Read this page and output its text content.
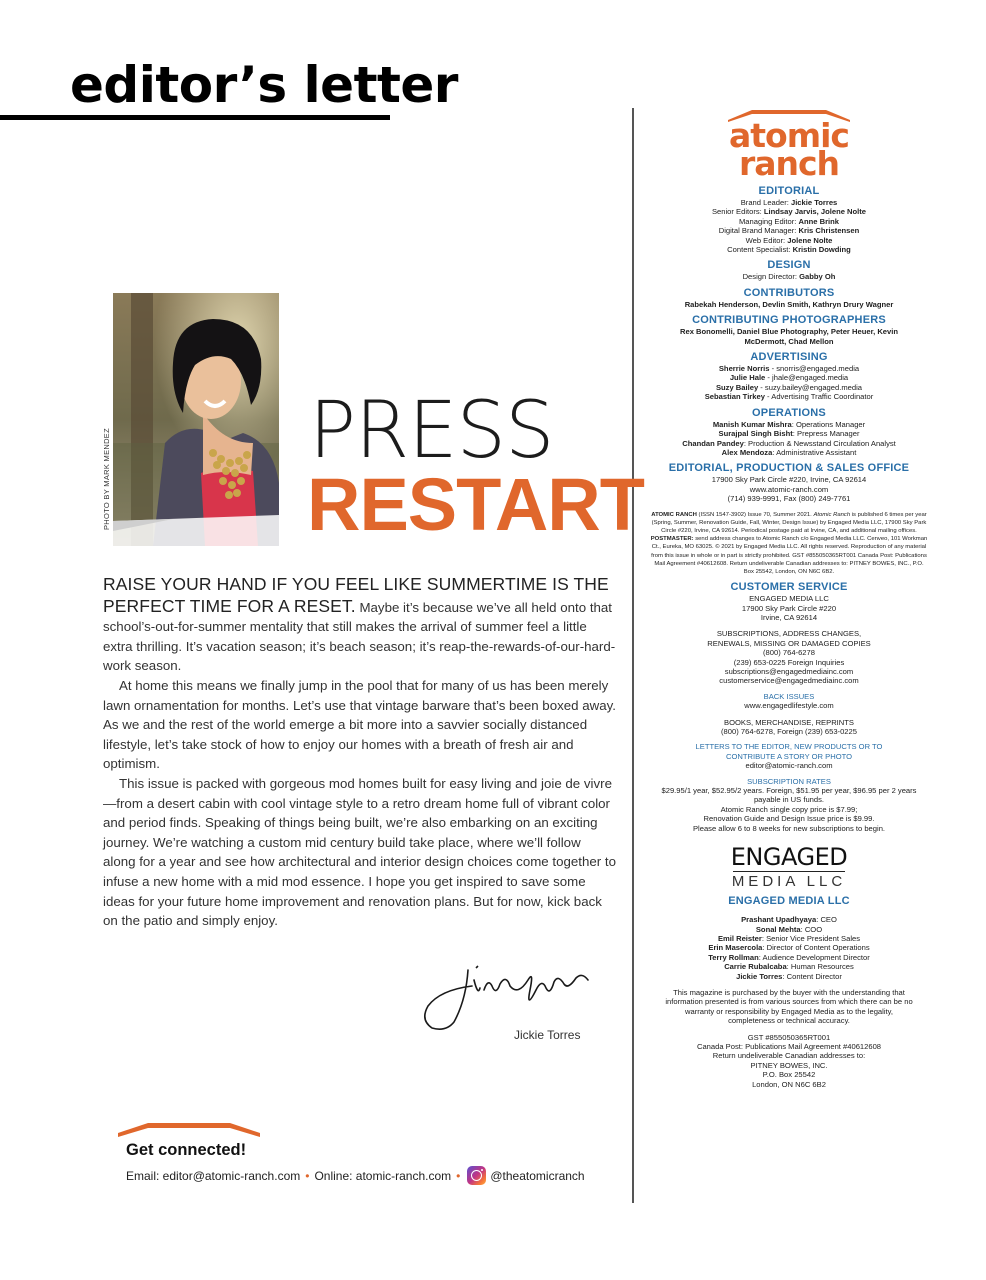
editor’s letter
PHOTO BY MARK MENDEZ	PRESS
RESTART

RAISE YOUR HAND IF YOU FEEL LIKE SUMMERTIME IS THE PERFECT TIME FOR A RESET. Maybe it’s because we’ve all held onto that school’s-out-for-summer mentality that still makes the arrival of summer feel a little extra thrilling. It’s vacation season; it’s beach season; it’s reap-the-rewards-of-our-hard-work season.

At home this means we finally jump in the pool that for many of us has been merely lawn ornamentation for months. Let’s use that vintage barware that’s been boxed away. As we and the rest of the world emerge a bit more into a savvier socially distanced lifestyle, let’s take stock of how to enjoy our homes with a breath of fresh air and optimism.

This issue is packed with gorgeous mod homes built for easy living and joie de vivre—from a desert cabin with cool vintage style to a retro dream home full of vibrant color and period finds. Speaking of things being built, we’re also embarking on an exciting journey. We’re watching a custom mid century build take place, where we’ll follow along for a year and see how architectural and interior design choices come together to infuse a new home with a mid mod essence. I hope you get inspired to save some ideas for your future home improvement and renovation plans. But for now, kick back on the patio and simply enjoy.

Jickie Torres
Get connected!
Email: editor@atomic-ranch.com • Online: atomic-ranch.com •	@theatomicranch
atomic
ranch
EDITORIAL
Brand Leader: Jickie Torres
Senior Editors: Lindsay Jarvis, Jolene Nolte
Managing Editor: Anne Brink
Digital Brand Manager: Kris Christensen
Web Editor: Jolene Nolte
Content Specialist: Kristin Dowding
DESIGN
Design Director: Gabby Oh
CONTRIBUTORS
Rabekah Henderson, Devlin Smith, Kathryn Drury Wagner
CONTRIBUTING PHOTOGRAPHERS
Rex Bonomelli, Daniel Blue Photography, Peter Heuer, Kevin McDermott, Chad Mellon
ADVERTISING
Sherrie Norris - snorris@engaged.media
Julie Hale - jhale@engaged.media
Suzy Bailey - suzy.bailey@engaged.media
Sebastian Tirkey - Advertising Traffic Coordinator
OPERATIONS
Manish Kumar Mishra: Operations Manager
Surajpal Singh Bisht: Prepress Manager
Chandan Pandey: Production & Newsstand Circulation Analyst
Alex Mendoza: Administrative Assistant
EDITORIAL, PRODUCTION & SALES OFFICE
17900 Sky Park Circle #220, Irvine, CA 92614
www.atomic-ranch.com
(714) 939-9991, Fax (800) 249-7761
ATOMIC RANCH (ISSN 1547-3902) Issue 70, Summer 2021. Atomic Ranch is published 6 times per year (Spring, Summer, Renovation Guide, Fall, Winter, Design Issue) by Engaged Media LLC, 17900 Sky Park Circle #220, Irvine, CA 92614. Periodical postage paid at Irvine, CA, and additional mailing offices. POSTMASTER: send address changes to Atomic Ranch c/o Engaged Media LLC. Cenveo, 101 Workman Ct., Eureka, MO 63025. © 2021 by Engaged Media LLC. All rights reserved. Reproduction of any material from this issue in whole or in part is strictly prohibited. GST #855050365RT001 Canada Post: Publications Mail Agreement #40612608. Return undeliverable Canadian addresses to: PITNEY BOWES, INC., P.O. Box 25542, London, ON N6C 6B2.
CUSTOMER SERVICE
ENGAGED MEDIA LLC
17900 Sky Park Circle #220
Irvine, CA 92614
SUBSCRIPTIONS, ADDRESS CHANGES,
RENEWALS, MISSING OR DAMAGED COPIES
(800) 764-6278
(239) 653-0225 Foreign Inquiries
subscriptions@engagedmediainc.com
customerservice@engagedmediainc.com
BACK ISSUES
www.engagedlifestyle.com
BOOKS, MERCHANDISE, REPRINTS
(800) 764-6278, Foreign (239) 653-0225
LETTERS TO THE EDITOR, NEW PRODUCTS OR TO
CONTRIBUTE A STORY OR PHOTO
editor@atomic-ranch.com
SUBSCRIPTION RATES
$29.95/1 year, $52.95/2 years. Foreign, $51.95 per year, $96.95 per 2 years payable in US funds.
Atomic Ranch single copy price is $7.99;
Renovation Guide and Design Issue price is $9.99.
Please allow 6 to 8 weeks for new subscriptions to begin.
ENGAGED
MEDIA LLC
ENGAGED MEDIA LLC
Prashant Upadhyaya: CEO
Sonal Mehta: COO
Emil Reister: Senior Vice President Sales
Erin Masercola: Director of Content Operations
Terry Rollman: Audience Development Director
Carrie Rubalcaba: Human Resources
Jickie Torres: Content Director
This magazine is purchased by the buyer with the understanding that information presented is from various sources from which there can be no warranty or responsibility by Engaged Media as to the legality, completeness or technical accuracy.
GST #855050365RT001
Canada Post: Publications Mail Agreement #40612608
Return undeliverable Canadian addresses to:
PITNEY BOWES, INC.
P.O. Box 25542
London, ON N6C 6B2
